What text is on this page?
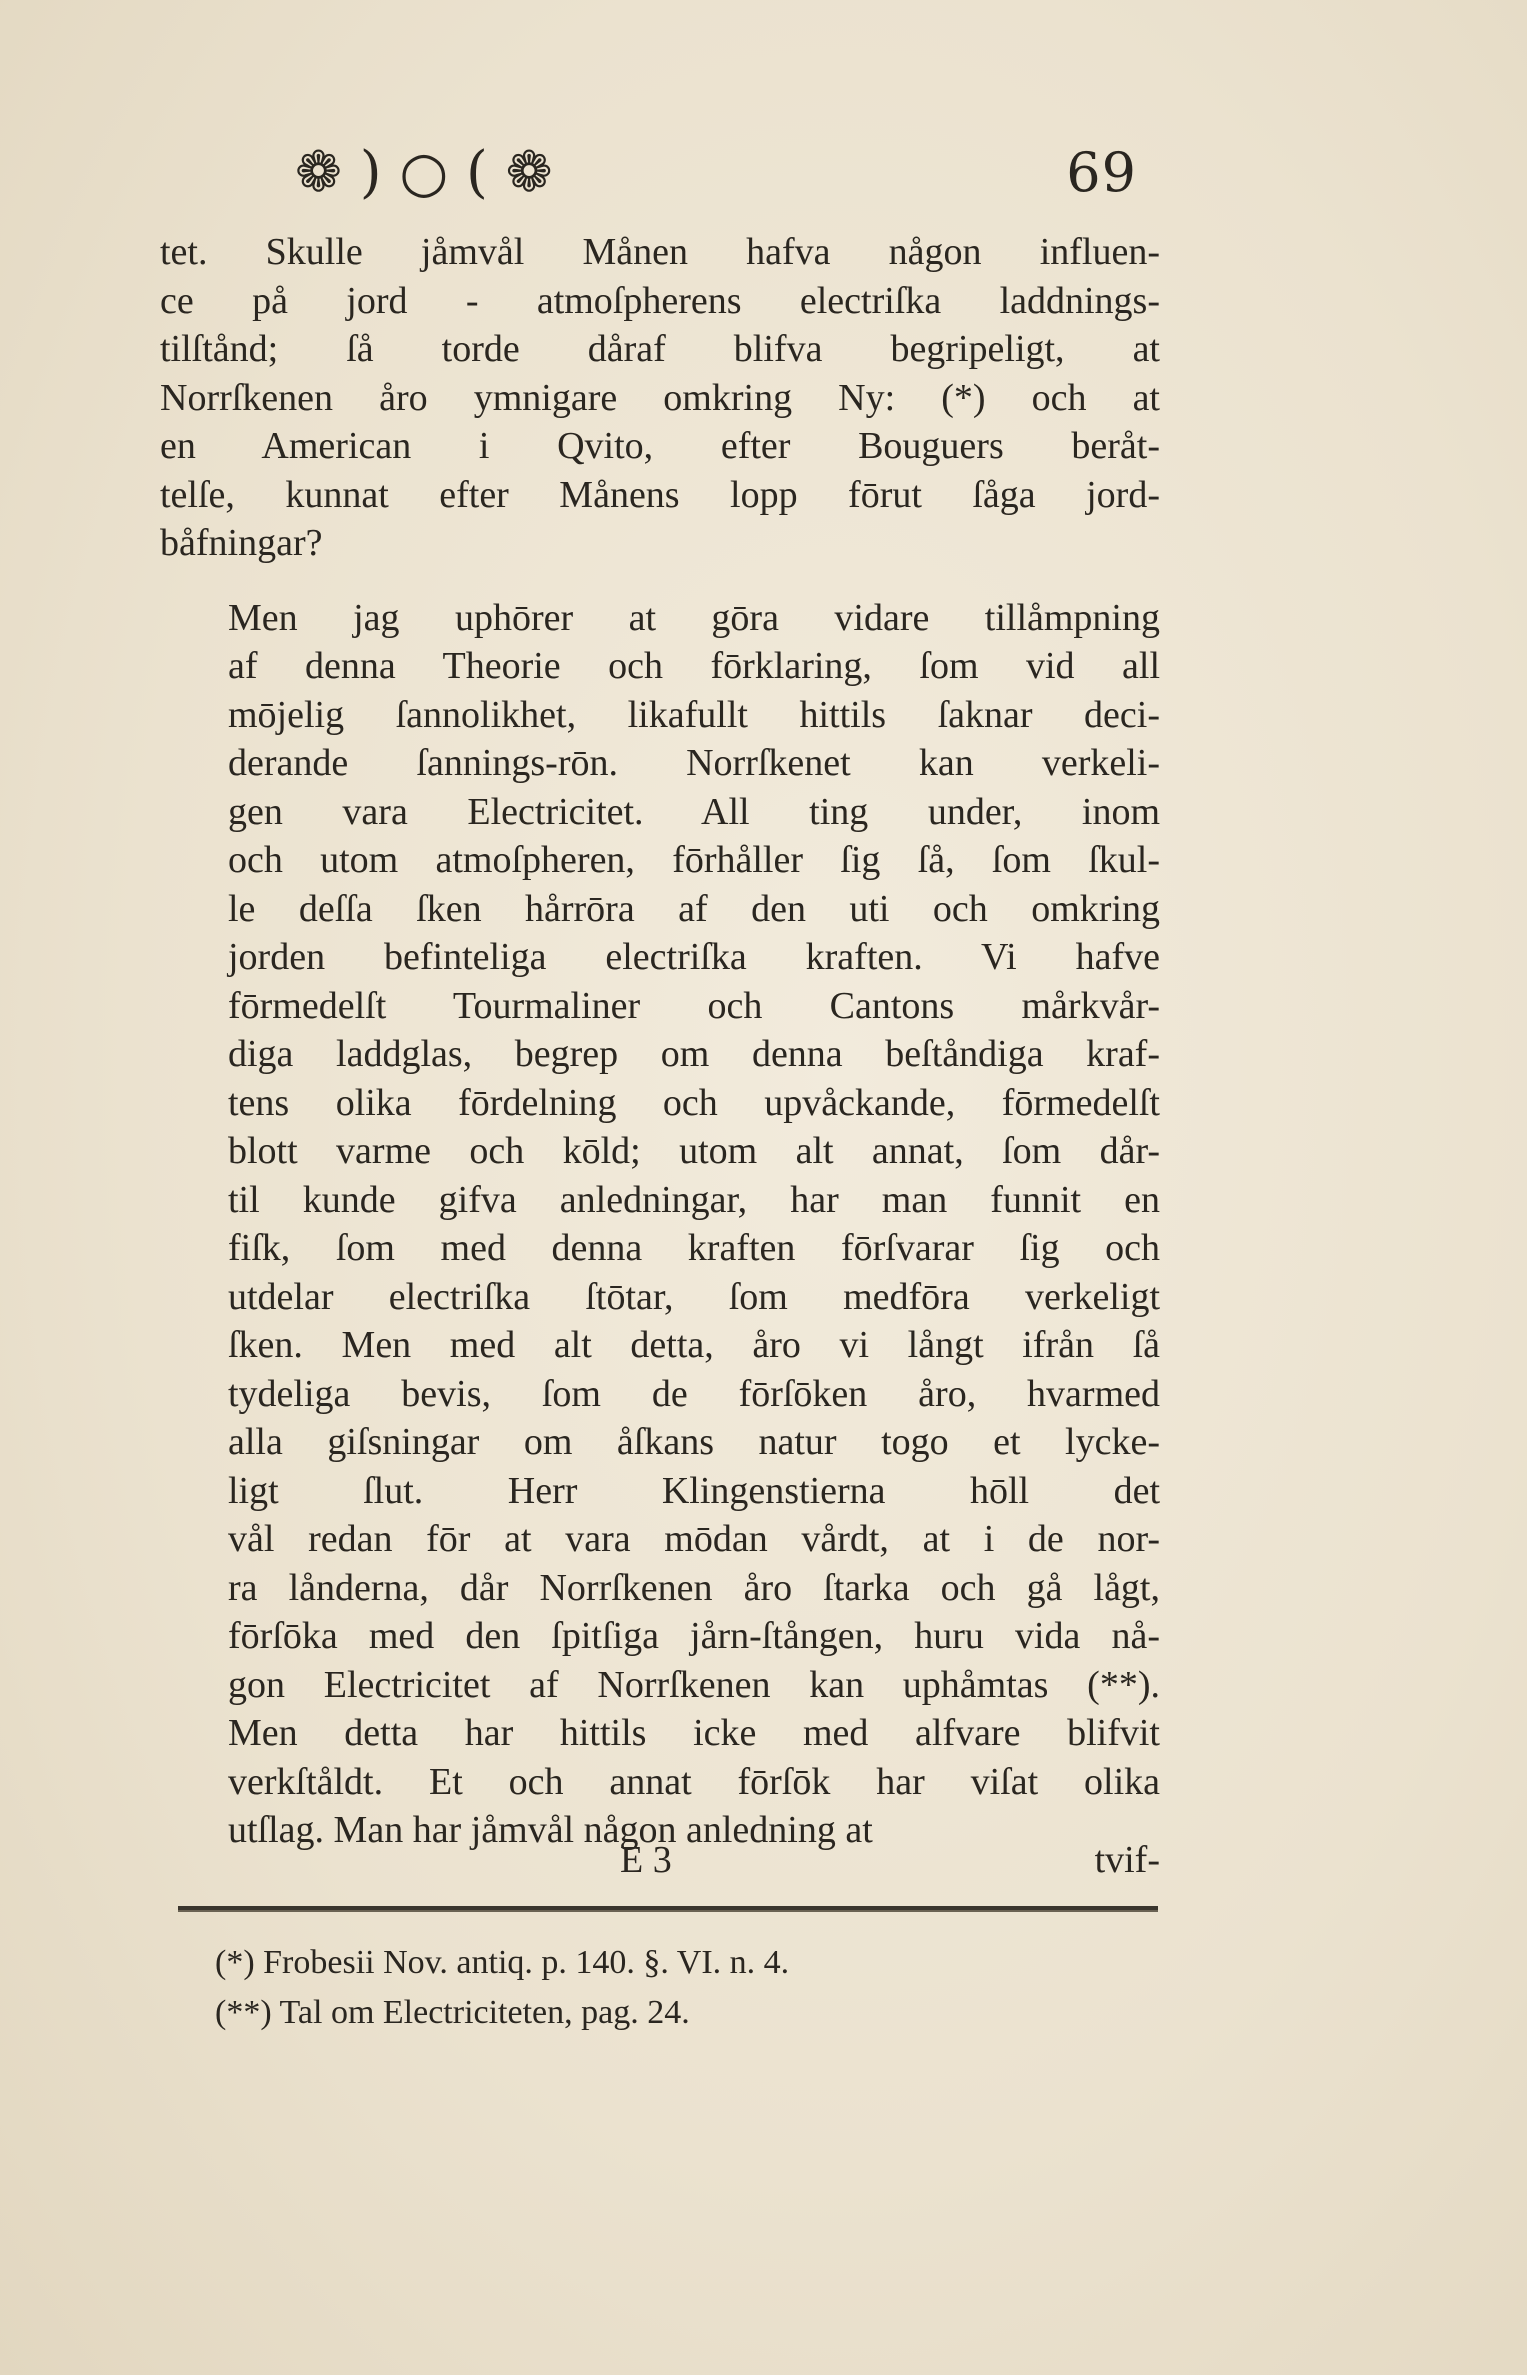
❁ ) ○ ( ❁	69

tet. Skulle jåmvål Månen hafva någon influen-
ce på jord - atmoſpherens electriſka laddnings-
tilſtånd; ſå torde dåraf blifva begripeligt, at
Norrſkenen åro ymnigare omkring Ny: (*) och at
en American i Qvito, efter Bouguers beråt-
telſe, kunnat efter Månens lopp fōrut ſåga jord-
båfningar?

Men jag uphōrer at gōra vidare tillåmpning
af denna Theorie och fōrklaring, ſom vid all
mōjelig ſannolikhet, likafullt hittils ſaknar deci-
derande ſannings-rōn. Norrſkenet kan verkeli-
gen vara Electricitet. All ting under, inom
och utom atmoſpheren, fōrhåller ſig ſå, ſom ſkul-
le deſſa ſken hårrōra af den uti och omkring
jorden befinteliga electriſka kraften. Vi hafve
fōrmedelſt Tourmaliner och Cantons mårkvår-
diga laddglas, begrep om denna beſtåndiga kraf-
tens olika fōrdelning och upvåckande, fōrmedelſt
blott varme och kōld; utom alt annat, ſom dår-
til kunde gifva anledningar, har man funnit en
fiſk, ſom med denna kraften fōrſvarar ſig och
utdelar electriſka ſtōtar, ſom medfōra verkeligt
ſken. Men med alt detta, åro vi långt ifrån ſå
tydeliga bevis, ſom de fōrſōken åro, hvarmed
alla giſsningar om åſkans natur togo et lycke-
ligt ſlut. Herr Klingenstierna hōll det
vål redan fōr at vara mōdan vårdt, at i de nor-
ra lånderna, dår Norrſkenen åro ſtarka och gå lågt,
fōrſōka med den ſpitſiga jårn-ſtången, huru vida nå-
gon Electricitet af Norrſkenen kan uphåmtas (**).
Men detta har hittils icke med alfvare blifvit
verkſtåldt. Et och annat fōrſōk har viſat olika
utſlag. Man har jåmvål någon anledning at

E 3	tvif-
(*) Frobesii Nov. antiq. p. 140. §. VI. n. 4.
(**) Tal om Electriciteten, pag. 24.
